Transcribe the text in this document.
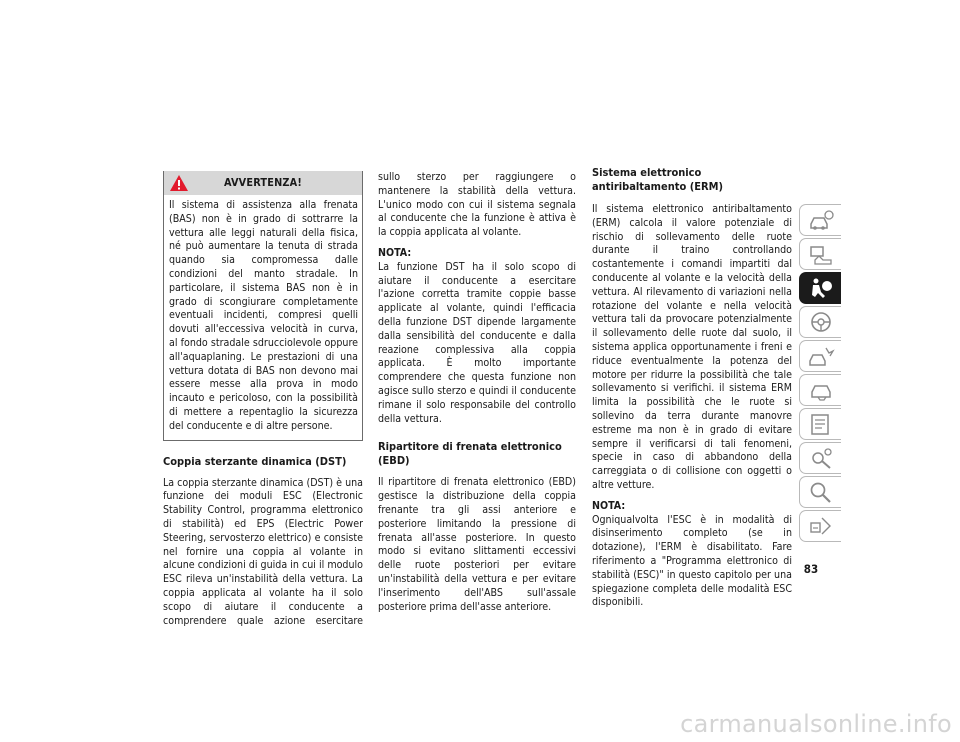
AVVERTENZA!

Il sistema di assistenza alla frenata (BAS) non è in grado di sottrarre la vettura alle leggi naturali della fisica, né può aumentare la tenuta di strada quando sia compromessa dalle condizioni del manto stradale. In particolare, il sistema BAS non è in grado di scongiurare completamente eventuali incidenti, compresi quelli dovuti all'eccessiva velocità in curva, al fondo stradale sdrucciolevole oppure all'aquaplaning. Le prestazioni di una vettura dotata di BAS non devono mai essere messe alla prova in modo incauto e pericoloso, con la possibilità di mettere a repentaglio la sicurezza del conducente e di altre persone.

Coppia sterzante dinamica (DST)

La coppia sterzante dinamica (DST) è una funzione dei moduli ESC (Electronic Stability Control, programma elettronico di stabilità) ed EPS (Electric Power Steering, servosterzo elettrico) e consiste nel fornire una coppia al volante in alcune condizioni di guida in cui il modulo ESC rileva un'instabilità della vettura. La coppia applicata al volante ha il solo scopo di aiutare il conducente a comprendere quale azione esercitare

sullo sterzo per raggiungere o mantenere la stabilità della vettura. L'unico modo con cui il sistema segnala al conducente che la funzione è attiva è la coppia applicata al volante.

NOTA:

La funzione DST ha il solo scopo di aiutare il conducente a esercitare l'azione corretta tramite coppie basse applicate al volante, quindi l'efficacia della funzione DST dipende largamente dalla sensibilità del conducente e dalla reazione complessiva alla coppia applicata. È molto importante comprendere che questa funzione non agisce sullo sterzo e quindi il conducente rimane il solo responsabile del controllo della vettura.

Ripartitore di frenata elettronico (EBD)

Il ripartitore di frenata elettronico (EBD) gestisce la distribuzione della coppia frenante tra gli assi anteriore e posteriore limitando la pressione di frenata all'asse posteriore. In questo modo si evitano slittamenti eccessivi delle ruote posteriori per evitare un'instabilità della vettura e per evitare l'inserimento dell'ABS sull'assale posteriore prima dell'asse anteriore.

Sistema elettronico antiribaltamento (ERM)

Il sistema elettronico antiribaltamento (ERM) calcola il valore potenziale di rischio di sollevamento delle ruote durante il traino controllando costantemente i comandi impartiti dal conducente al volante e la velocità della vettura. Al rilevamento di variazioni nella rotazione del volante e nella velocità vettura tali da provocare potenzialmente il sollevamento delle ruote dal suolo, il sistema applica opportunamente i freni e riduce eventualmente la potenza del motore per ridurre la possibilità che tale sollevamento si verifichi. il sistema ERM limita la possibilità che le ruote si sollevino da terra durante manovre estreme ma non è in grado di evitare sempre il verificarsi di tali fenomeni, specie in caso di abbandono della carreggiata o di collisione con oggetti o altre vetture.

NOTA:

Ogniqualvolta l'ESC è in modalità di disinserimento completo (se in dotazione), l'ERM è disabilitato. Fare riferimento a "Programma elettronico di stabilità (ESC)" in questo capitolo per una spiegazione completa delle modalità ESC disponibili.

83
carmanualsonline.info
